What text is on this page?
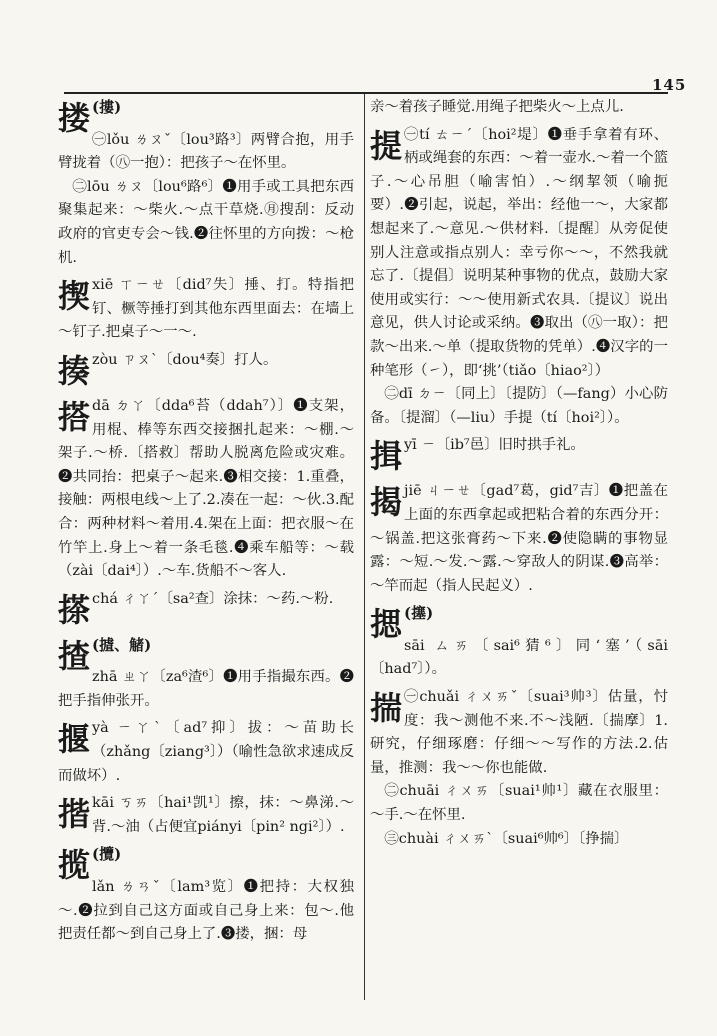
145
搂 (摟)
㊀lǒu ㄌㄡˇ〔lou³路³〕两臂合抱，用手臂拢着（㊇一抱）：把孩子～在怀里。
㊁lōu ㄌㄡ〔lou⁶路⁶〕❶用手或工具把东西聚集起来：～柴火.～点干草烧.㊊搜刮：反动政府的官吏专会～钱.❷往怀里的方向拨：～枪机.
揳 xiē ㄒㄧㄝ〔did⁷失〕捶、打。特指把钉、橛等捶打到其他东西里面去：在墙上～钉子.把桌子～一～.
揍 zòu ㄗㄡˋ〔dou⁴奏〕打人。
搭 dā ㄉㄚ〔dda⁶苔（ddah⁷）〕❶支架，用棍、棒等东西交接捆扎起来：～棚.～架子.～桥.〔搭救〕帮助人脱离危险或灾难。❷共同抬：把桌子～起来.❸相交接：1.重叠，接触：两根电线～上了.2.凑在一起：～伙.3.配合：两种材料～着用.4.架在上面：把衣服～在竹竿上.身上～着一条毛毯.❹乘车船等：～载（zài〔dai⁴〕）.～车.货船不～客人.
搽 chá ㄔㄚˊ〔sa²查〕涂抹：～药.～粉.
揸 (摣、觰)
zhā ㄓㄚ〔za⁶渣⁶〕❶用手指撮东西。❷把手指伸张开。
揠 yà ㄧㄚˋ〔ad⁷抑〕拔：～苗助长（zhǎng〔ziang³〕）（喻性急欲求速成反而做坏）.
揩 kāi ㄎㄞ〔hai¹凯¹〕擦，抹：～鼻涕.～背.～油（占便宜piányi〔pin² ngi²〕）.
揽 (攬)
lǎn ㄌㄢˇ〔lam³览〕❶把持：大权独～.❷拉到自己这方面或自己身上来：包～.他把责任都～到自己身上了.❸搂，捆：母
亲～着孩子睡觉.用绳子把柴火～上点儿.
提 ㊀tí ㄊㄧˊ〔hoi²堤〕❶垂手拿着有环、柄或绳套的东西：～着一壶水.～着一个篮子.～心吊胆（喻害怕）.～纲挈领（喻扼要）.❷引起，说起，举出：经他一～，大家都想起来了.～意见.～供材料.〔提醒〕从旁促使别人注意或指点别人：幸亏你～～，不然我就忘了.〔提倡〕说明某种事物的优点，鼓励大家使用或实行：～～使用新式农具.〔提议〕说出意见，供人讨论或采纳。❸取出（㊇一取）：把款～出来.～单（提取货物的凭单）.❹汉字的一种笔形（㇀），即‘挑’（tiǎo〔hiao²〕）
㊁dī ㄉㄧ〔同上〕〔提防〕（—fang）小心防备。〔提溜〕（—liu）手提（tí〔hoi²〕）。
揖 yī ㄧ〔ib⁷邑〕旧时拱手礼。
揭 jiē ㄐㄧㄝ〔gad⁷葛，gid⁷吉〕❶把盖在上面的东西拿起或把粘合着的东西分开：～锅盖.把这张膏药～下来.❷使隐瞒的事物显露：～短.～发.～露.～穿敌人的阴谋.❸高举：～竿而起（指人民起义）.
揌 (㩙)
sāi ㄙㄞ〔sai⁶猜⁶〕同‘塞’（sāi〔had⁷〕）。
揣 ㊀chuǎi ㄔㄨㄞˇ〔suai³帅³〕估量，忖度：我～测他不来.不～浅陋.〔揣摩〕1.研究，仔细琢磨：仔细～～写作的方法.2.估量，推测：我～～你也能做.
㊁chuāi ㄔㄨㄞ〔suai¹帅¹〕藏在衣服里：～手.～在怀里.
㊂chuài ㄔㄨㄞˋ〔suai⁶帅⁶〕〔挣揣〕
